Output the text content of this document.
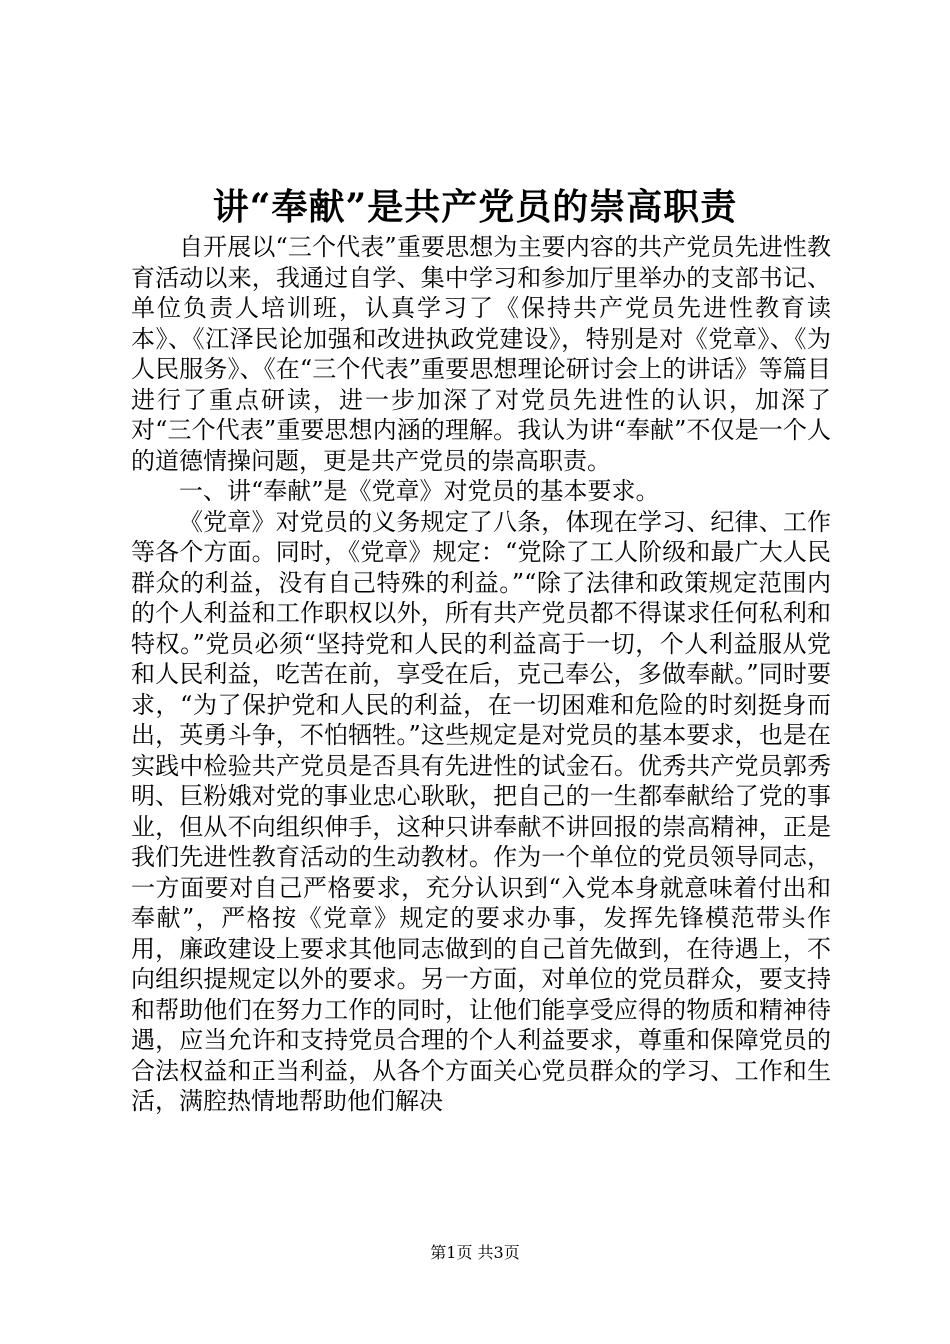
讲“奉献”是共产党员的崇高职责

自开展以“三个代表”重要思想为主要内容的共产党员先进性教育活动以来，我通过自学、集中学习和参加厅里举办的支部书记、单位负责人培训班，认真学习了《保持共产党员先进性教育读本》、《江泽民论加强和改进执政党建设》，特别是对《党章》、《为人民服务》、《在“三个代表”重要思想理论研讨会上的讲话》等篇目进行了重点研读，进一步加深了对党员先进性的认识，加深了对“三个代表”重要思想内涵的理解。我认为讲“奉献”不仅是一个人的道德情操问题，更是共产党员的崇高职责。

一、讲“奉献”是《党章》对党员的基本要求。

《党章》对党员的义务规定了八条，体现在学习、纪律、工作等各个方面。同时，《党章》规定：“党除了工人阶级和最广大人民群众的利益，没有自己特殊的利益。”“除了法律和政策规定范围内的个人利益和工作职权以外，所有共产党员都不得谋求任何私利和特权。”党员必须“坚持党和人民的利益高于一切，个人利益服从党和人民利益，吃苦在前，享受在后，克己奉公，多做奉献。”同时要求，“为了保护党和人民的利益，在一切困难和危险的时刻挺身而出，英勇斗争，不怕牺牲。”这些规定是对党员的基本要求，也是在实践中检验共产党员是否具有先进性的试金石。优秀共产党员郭秀明、巨粉娥对党的事业忠心耿耿，把自己的一生都奉献给了党的事业，但从不向组织伸手，这种只讲奉献不讲回报的崇高精神，正是我们先进性教育活动的生动教材。作为一个单位的党员领导同志，一方面要对自己严格要求，充分认识到“入党本身就意味着付出和奉献”，严格按《党章》规定的要求办事，发挥先锋模范带头作用，廉政建设上要求其他同志做到的自己首先做到，在待遇上，不向组织提规定以外的要求。另一方面，对单位的党员群众，要支持和帮助他们在努力工作的同时，让他们能享受应得的物质和精神待遇，应当允许和支持党员合理的个人利益要求，尊重和保障党员的合法权益和正当利益，从各个方面关心党员群众的学习、工作和生活，满腔热情地帮助他们解决

第1页 共3页
